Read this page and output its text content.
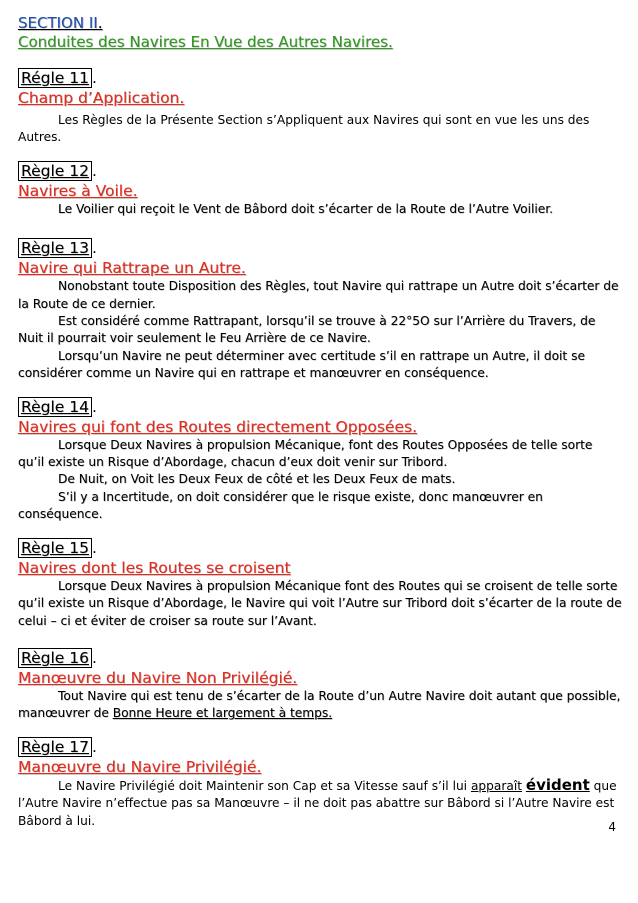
SECTION II.
Conduites des Navires En Vue des Autres Navires.
Régle 11 .
Champ d’Application.

Les Règles de la Présente Section s’Appliquent aux Navires qui sont en vue les uns des Autres.

Règle 12 .
Navires à Voile.

Le Voilier qui reçoit le Vent de Bâbord doit s’écarter de la Route de l’Autre Voilier.

Règle 13 .
Navire qui Rattrape un Autre.

Nonobstant toute Disposition des Règles, tout Navire qui rattrape un Autre doit s’écarter de la Route de ce dernier.

Est considéré comme Rattrapant, lorsqu’il se trouve à 22°5O sur l’Arrière du Travers, de Nuit il pourrait voir seulement le Feu Arrière de ce Navire.

Lorsqu’un Navire ne peut déterminer avec certitude s’il en rattrape un Autre, il doit se considérer comme un Navire qui en rattrape et manœuvrer en conséquence.

Règle 14 .
Navires qui font des Routes directement Opposées.

Lorsque Deux Navires à propulsion Mécanique, font des Routes Opposées de telle sorte qu’il existe un Risque d’Abordage, chacun d’eux doit venir sur Tribord.

De Nuit, on Voit les Deux Feux de côté et les Deux Feux de mats.

S’il y a Incertitude, on doit considérer que le risque existe, donc manœuvrer en conséquence.

Règle 15 .
Navires dont les Routes se croisent

Lorsque Deux Navires à propulsion Mécanique font des Routes qui se croisent de telle sorte qu’il existe un Risque d’Abordage, le Navire qui voit l’Autre sur Tribord doit s’écarter de la route de celui – ci et éviter de croiser sa route sur l’Avant.

Règle 16 .
Manœuvre du Navire Non Privilégié.

Tout Navire qui est tenu de s’écarter de la Route d’un Autre Navire doit autant que possible, manœuvrer de Bonne Heure et largement à temps.

Règle 17 .
Manœuvre du Navire Privilégié.

Le Navire Privilégié doit Maintenir son Cap et sa Vitesse sauf s’il lui apparaît évident que l’Autre Navire n’effectue pas sa Manœuvre – il ne doit pas abattre sur Bâbord si l’Autre Navire est Bâbord à lui.	4
